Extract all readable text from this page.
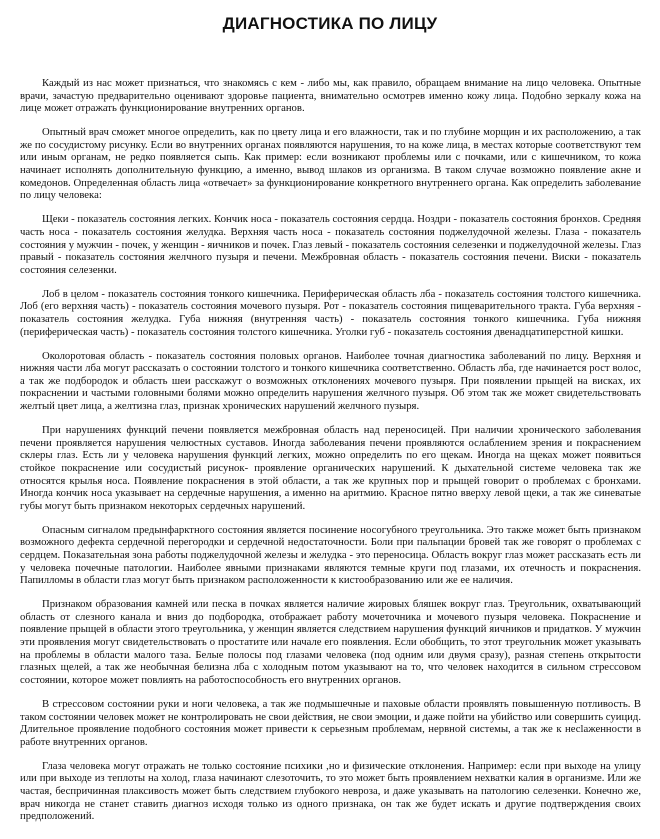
ДИАГНОСТИКА ПО ЛИЦУ

Каждый из нас может признаться, что знакомясь с кем - либо мы, как правило, обращаем внимание на лицо человека. Опытные врачи, зачастую предварительно оценивают здоровье пациента, внимательно осмотрев именно кожу лица. Подобно зеркалу кожа на лице может отражать функционирование внутренних органов.

Опытный врач сможет многое определить, как по цвету лица и его влажности, так и по глубине морщин и их расположению, а так же по сосудистому рисунку. Если во внутренних органах появляются нарушения, то на коже лица, в местах которые соответствуют тем или иным органам, не редко появляется сыпь. Как пример: если возникают проблемы или с почками, или с кишечником, то кожа начинает исполнять дополнительную функцию, а именно, вывод шлаков из организма. В таком случае возможно появление акне и комедонов. Определенная область лица «отвечает» за функционирование конкретного внутреннего органа. Как определить заболевание по лицу человека:

Щеки - показатель состояния легких. Кончик носа - показатель состояния сердца. Ноздри - показатель состояния бронхов. Средняя часть носа - показатель состояния желудка. Верхняя часть носа - показатель состояния поджелудочной железы. Глаза - показатель состояния у мужчин - почек, у женщин - яичников и почек. Глаз левый - показатель состояния селезенки и поджелудочной железы. Глаз правый - показатель состояния желчного пузыря и печени. Межбровная область - показатель состояния печени. Виски - показатель состояния селезенки.

Лоб в целом - показатель состояния тонкого кишечника. Периферическая область лба - показатель состояния толстого кишечника. Лоб (его верхняя часть) - показатель состояния мочевого пузыря. Рот - показатель состояния пищеварительного тракта. Губа верхняя - показатель состояния желудка. Губа нижняя (внутренняя часть) - показатель состояния тонкого кишечника. Губа нижняя (периферическая часть) - показатель состояния толстого кишечника. Уголки губ - показатель состояния двенадцатиперстной кишки.

Околоротовая область - показатель состояния половых органов. Наиболее точная диагностика заболеваний по лицу. Верхняя и нижняя части лба могут рассказать о состоянии толстого и тонкого кишечника соответственно. Область лба, где начинается рост волос, а так же подбородок и область шеи расскажут о возможных отклонениях мочевого пузыря. При появлении прыщей на висках, их покраснении и частыми головными болями можно определить нарушения желчного пузыря. Об этом так же может свидетельствовать желтый цвет лица, а желтизна глаз, признак хронических нарушений желчного пузыря.

При нарушениях функций печени появляется межбровная область над переносицей. При наличии хронического заболевания печени проявляется нарушения челюстных суставов. Иногда заболевания печени проявляются ослаблением зрения и покраснением склеры глаз. Есть ли у человека нарушения функций легких, можно определить по его щекам. Иногда на щеках может появиться стойкое покраснение или сосудистый рисунок- проявление органических нарушений. К дыхательной системе человека так же относятся крылья носа. Появление покраснения в этой области, а так же крупных пор и прыщей говорит о проблемах с бронхами. Иногда кончик носа указывает на сердечные нарушения, а именно на аритмию. Красное пятно вверху левой щеки, а так же синеватые губы могут быть признаком некоторых сердечных нарушений.

Опасным сигналом предынфарктного состояния является посинение носогубного треугольника. Это также может быть признаком возможного дефекта сердечной перегородки и сердечной недостаточности. Боли при пальпации бровей так же говорят о проблемах с сердцем. Показательная зона работы поджелудочной железы и желудка - это переносица. Область вокруг глаз может рассказать есть ли у человека почечные патологии. Наиболее явными признаками являются темные круги под глазами, их отечность и покраснения. Папилломы в области глаз могут быть признаком расположенности к кистообразованию или же ее наличия.

Признаком образования камней или песка в почках является наличие жировых бляшек вокруг глаз. Треугольник, охватывающий область от слезного канала и вниз до подбородка, отображает работу мочеточника и мочевого пузыря человека. Покраснение и появление прыщей в области этого треугольника, у женщин является следствием нарушения функций яичников и придатков. У мужчин эти проявления могут свидетельствовать о простатите или начале его появления. Если обобщить, то этот треугольник может указывать на проблемы в области малого таза. Белые полосы под глазами человека (под одним или двумя сразу), разная степень открытости глазных щелей, а так же необычная белизна лба с холодным потом указывают на то, что человек находится в сильном стрессовом состоянии, которое может повлиять на работоспособность его внутренних органов.

В стрессовом состоянии руки и ноги человека, а так же подмышечные и паховые области проявлять повышенную потливость. В таком состоянии человек может не контролировать не свои действия, не свои эмоции, и даже пойти на убийство или совершить суицид. Длительное проявление подобного состояния может привести к серьезным проблемам, нервной системы, а так же к несlаженности в работе внутренних органов.

Глаза человека могут отражать не только состояние психики ,но и физические отклонения. Например: если при выходе на улицу или при выходе из теплоты на холод, глаза начинают слезоточить, то это может быть проявлением нехватки калия в организме. Или же частая, беспричинная плаксивость может быть следствием глубокого невроза, и даже указывать на патологию селезенки. Конечно же, врач никогда не станет ставить диагноз исходя только из одного признака, он так же будет искать и другие подтверждения своих предположений.
